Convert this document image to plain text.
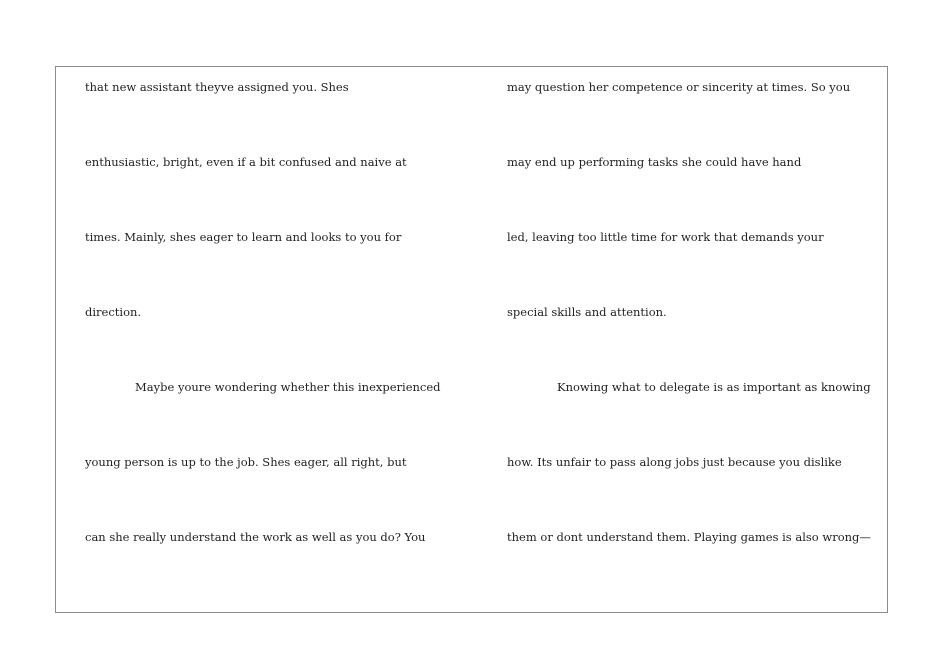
that new assistant theyve assigned you. Shes
enthusiastic, bright, even if a bit confused and naive at
times. Mainly, shes eager to learn and looks to you for
direction.
Maybe youre wondering whether this inexperienced
young person is up to the job. Shes eager, all right, but
can she really understand the work as well as you do? You
may question her competence or sincerity at times. So you
may end up performing tasks she could have hand
led, leaving too little time for work that demands your
special skills and attention.
Knowing what to delegate is as important as knowing
how. Its unfair to pass along jobs just because you dislike
them or dont understand them. Playing games is also wrong—
